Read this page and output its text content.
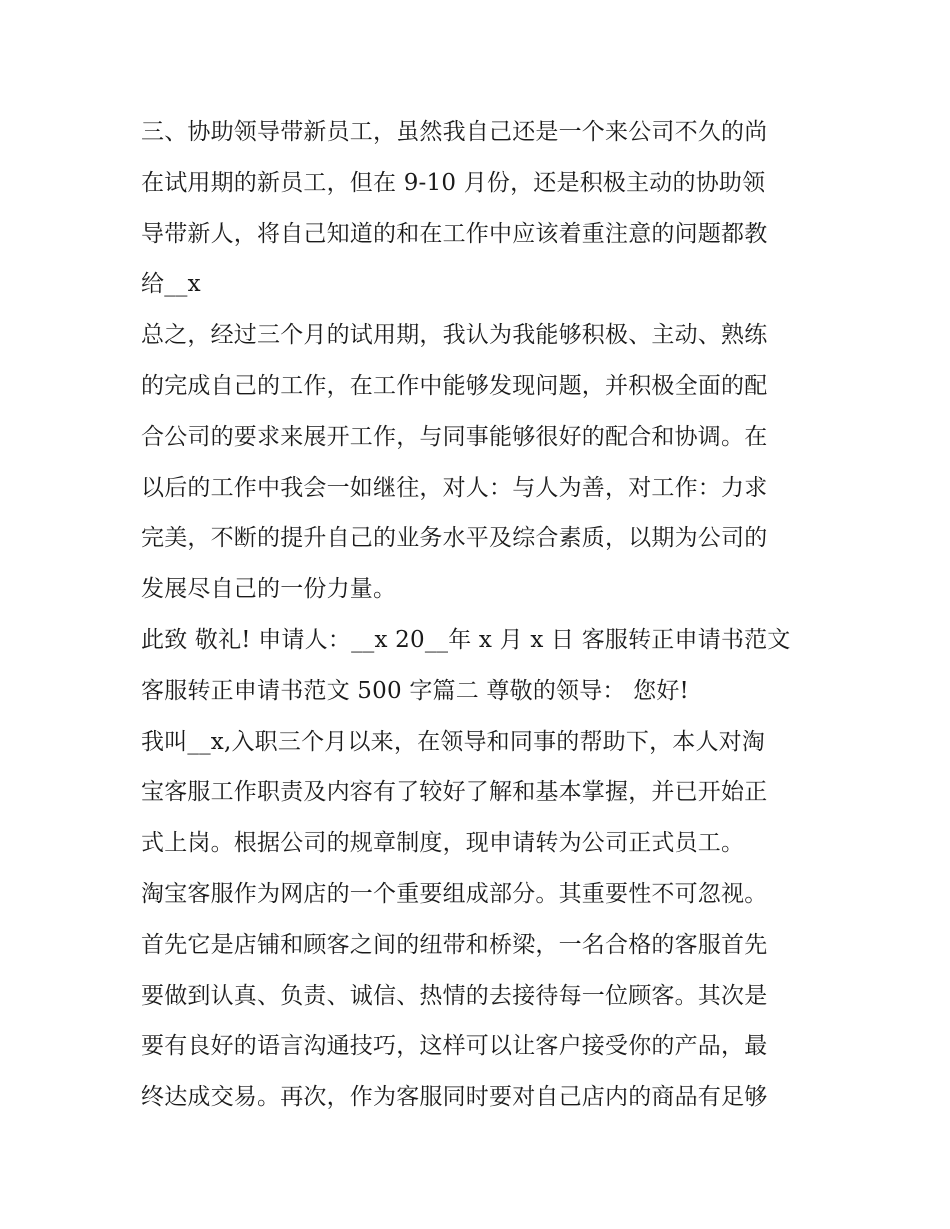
三、协助领导带新员工，虽然我自己还是一个来公司不久的尚
在试用期的新员工，但在 9-10 月份，还是积极主动的协助领
导带新人，将自己知道的和在工作中应该着重注意的问题都教
给__x
总之，经过三个月的试用期，我认为我能够积极、主动、熟练
的完成自己的工作，在工作中能够发现问题，并积极全面的配
合公司的要求来展开工作，与同事能够很好的配合和协调。在
以后的工作中我会一如继往，对人：与人为善，对工作：力求
完美，不断的提升自己的业务水平及综合素质，以期为公司的
发展尽自己的一份力量。
此致 敬礼! 申请人：__x 20__年 x 月 x 日 客服转正申请书范文
客服转正申请书范文 500 字篇二 尊敬的领导： 您好!
我叫__x,入职三个月以来，在领导和同事的帮助下，本人对淘
宝客服工作职责及内容有了较好了解和基本掌握，并已开始正
式上岗。根据公司的规章制度，现申请转为公司正式员工。
淘宝客服作为网店的一个重要组成部分。其重要性不可忽视。
首先它是店铺和顾客之间的纽带和桥梁，一名合格的客服首先
要做到认真、负责、诚信、热情的去接待每一位顾客。其次是
要有良好的语言沟通技巧，这样可以让客户接受你的产品，最
终达成交易。再次，作为客服同时要对自己店内的商品有足够
